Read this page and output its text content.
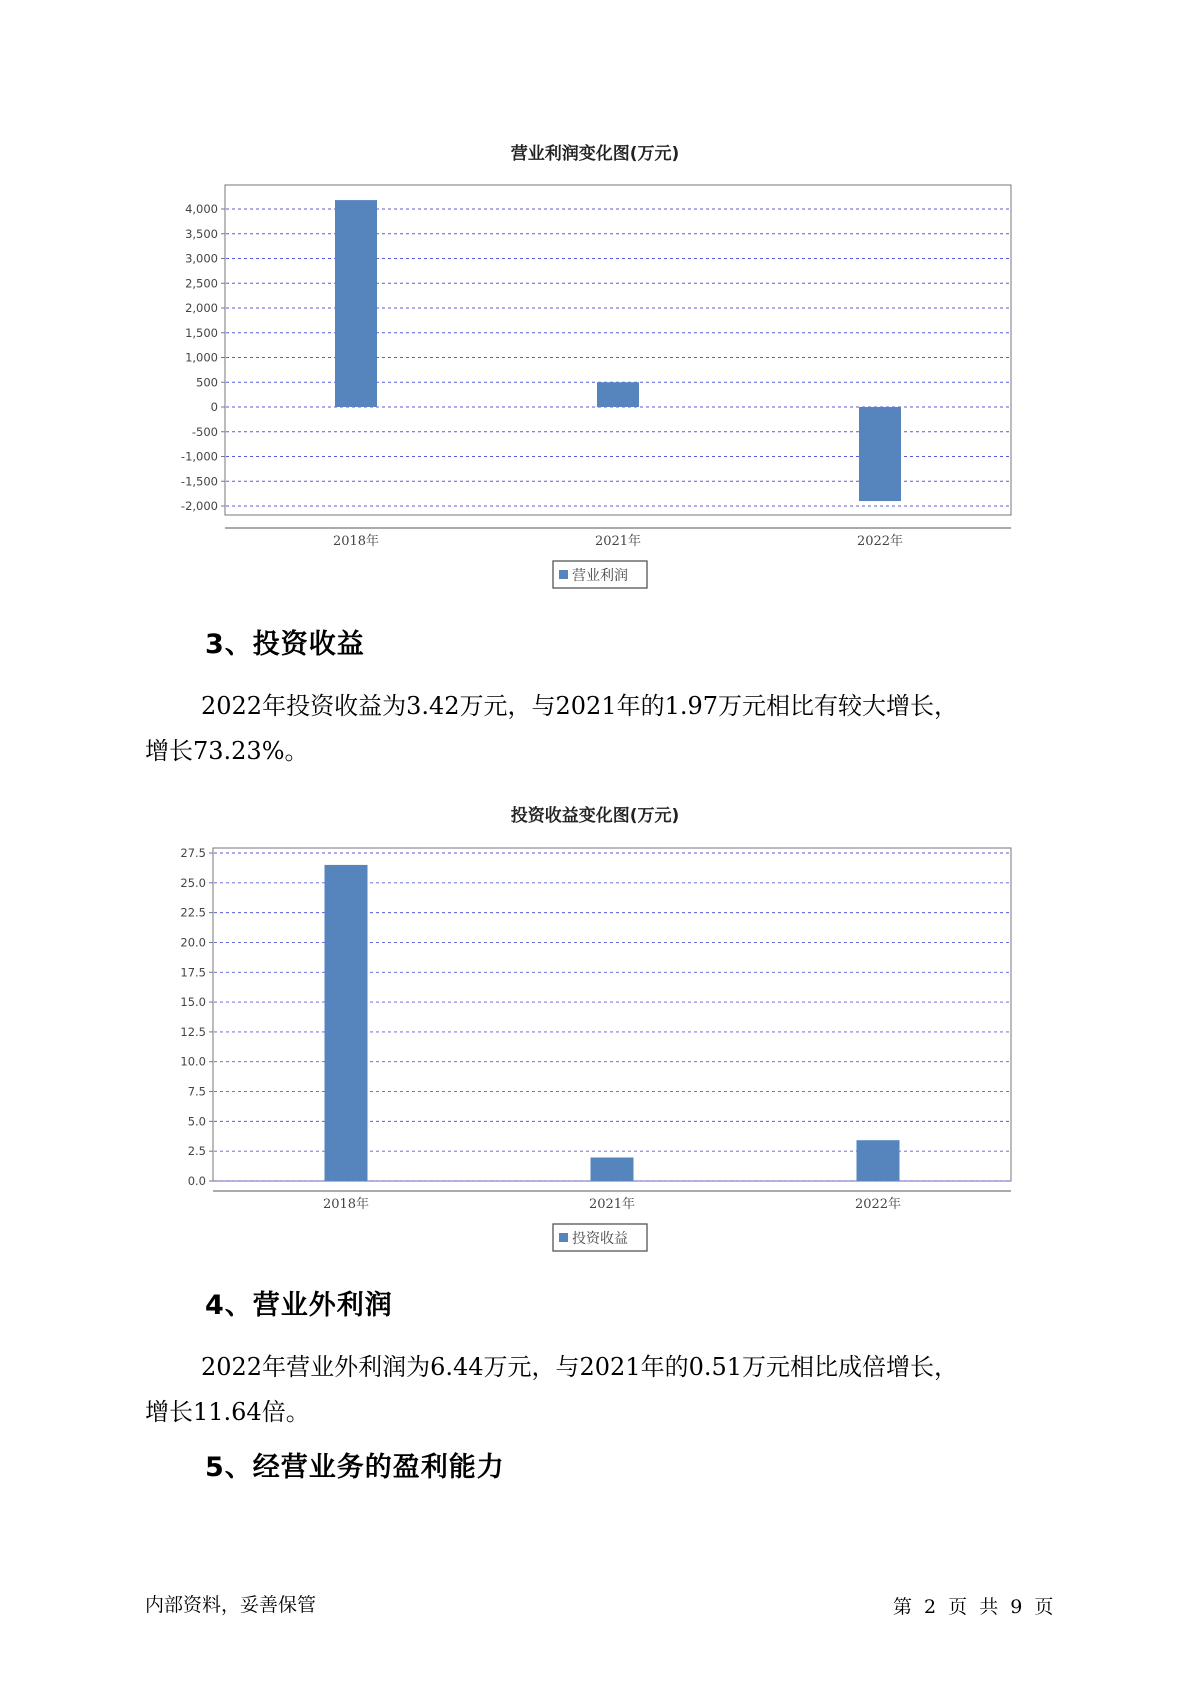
营业利润变化图(万元)
4,000
3,500
3,000
2,500
2,000
1,500
1,000
500
0
-500
-1,000
-1,500
-2,000
2018年	2021年	2022年
营业利润
3、投资收益

2022年投资收益为3.42万元，与2021年的1.97万元相比有较大增长，
增长73.23%。

投资收益变化图(万元)
27.5
25.0
22.5
20.0
17.5
15.0
12.5
10.0
7.5
5.0
2.5
0.0
2018年	2021年	2022年
投资收益
4、营业外利润

2022年营业外利润为6.44万元，与2021年的0.51万元相比成倍增长，
增长11.64倍。

5、经营业务的盈利能力
内部资料，妥善保管	第 2 页 共 9 页
